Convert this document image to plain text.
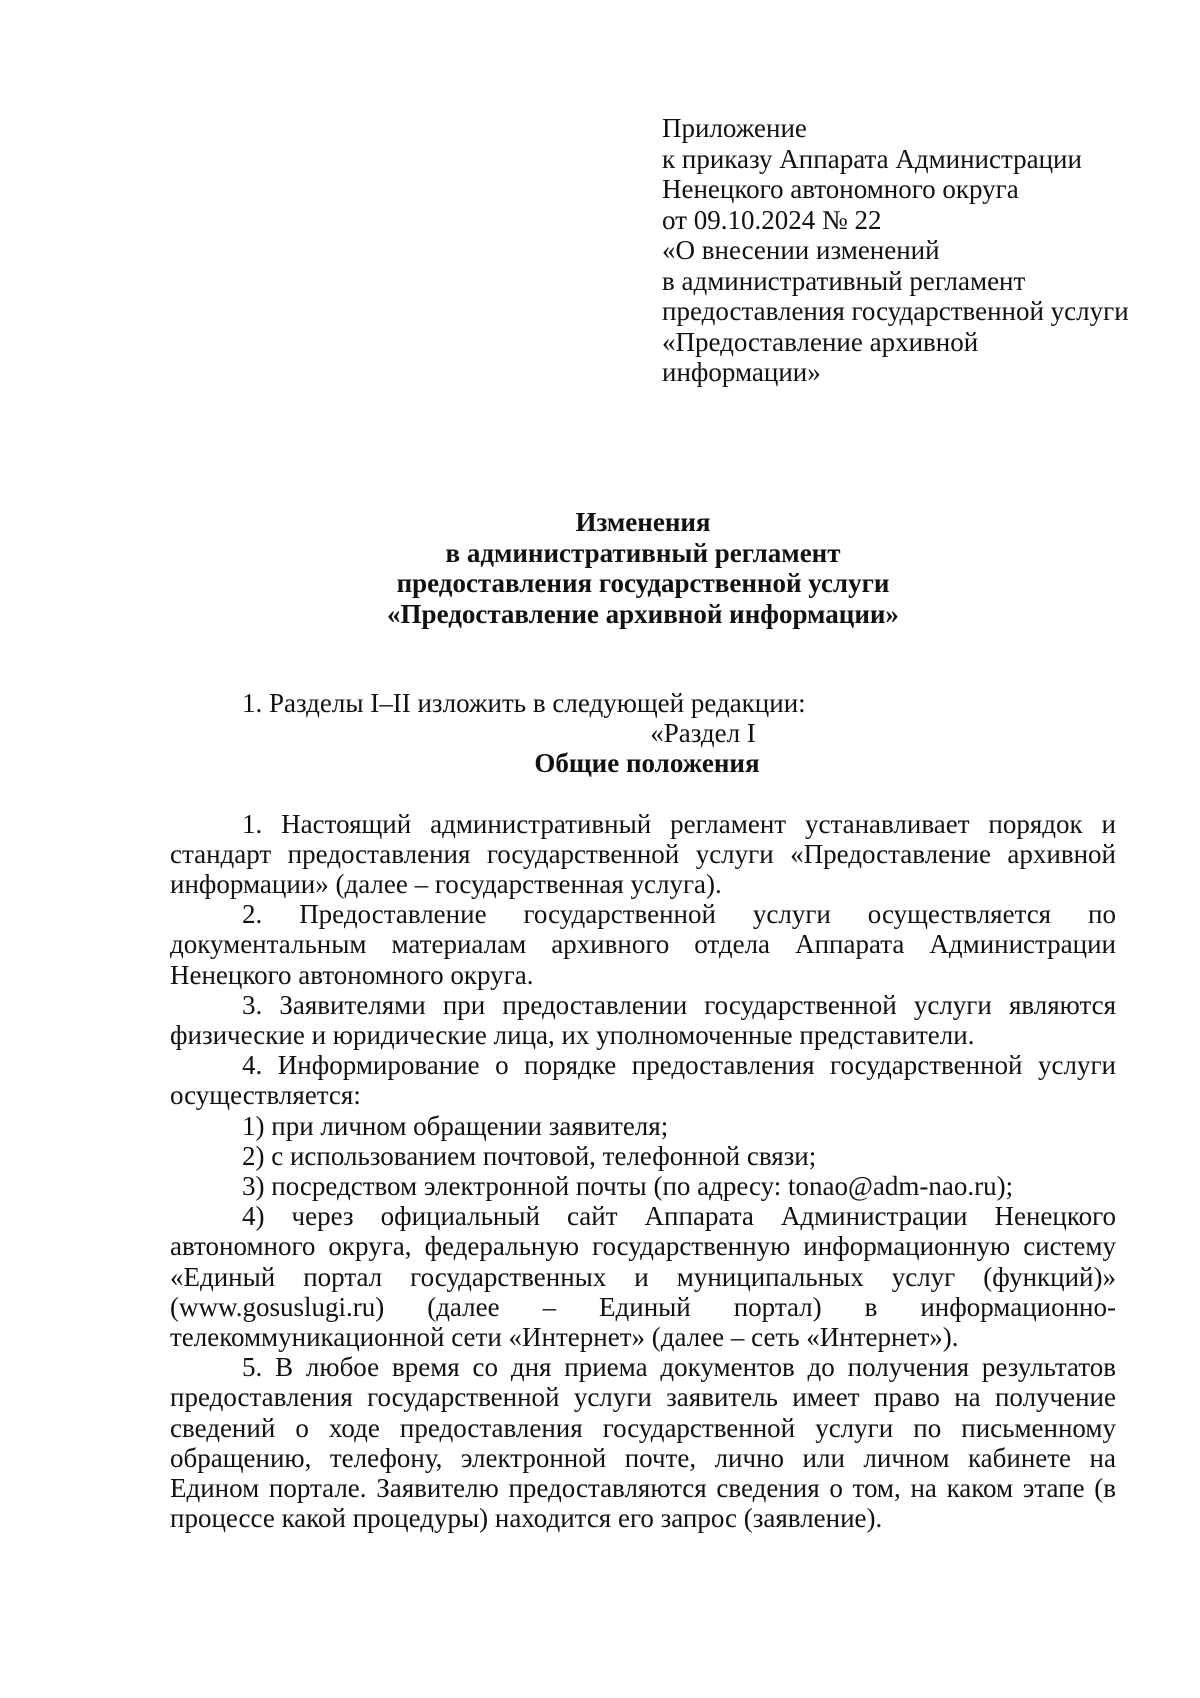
Приложение
к приказу Аппарата Администрации
Ненецкого автономного округа
от 09.10.2024 № 22
«О внесении изменений
в административный регламент
предоставления государственной услуги
«Предоставление архивной
информации»
Изменения
в административный регламент
предоставления государственной услуги
«Предоставление архивной информации»
1. Разделы I–II изложить в следующей редакции:
«Раздел I
Общие положения

1. Настоящий административный регламент устанавливает порядок и стандарт предоставления государственной услуги «Предоставление архивной информации» (далее – государственная услуга).

2. Предоставление государственной услуги осуществляется по документальным материалам архивного отдела Аппарата Администрации Ненецкого автономного округа.

3. Заявителями при предоставлении государственной услуги являются физические и юридические лица, их уполномоченные представители.

4. Информирование о порядке предоставления государственной услуги осуществляется:

1) при личном обращении заявителя;
2) с использованием почтовой, телефонной связи;
3) посредством электронной почты (по адресу: tonao@adm-nao.ru);

4) через официальный сайт Аппарата Администрации Ненецкого автономного округа, федеральную государственную информационную систему «Единый портал государственных и муниципальных услуг (функций)» (www.gosuslugi.ru) (далее – Единый портал) в информационно-телекоммуникационной сети «Интернет» (далее – сеть «Интернет»).

5. В любое время со дня приема документов до получения результатов предоставления государственной услуги заявитель имеет право на получение сведений о ходе предоставления государственной услуги по письменному обращению, телефону, электронной почте, лично или личном кабинете на Едином портале. Заявителю предоставляются сведения о том, на каком этапе (в процессе какой процедуры) находится его запрос (заявление).
